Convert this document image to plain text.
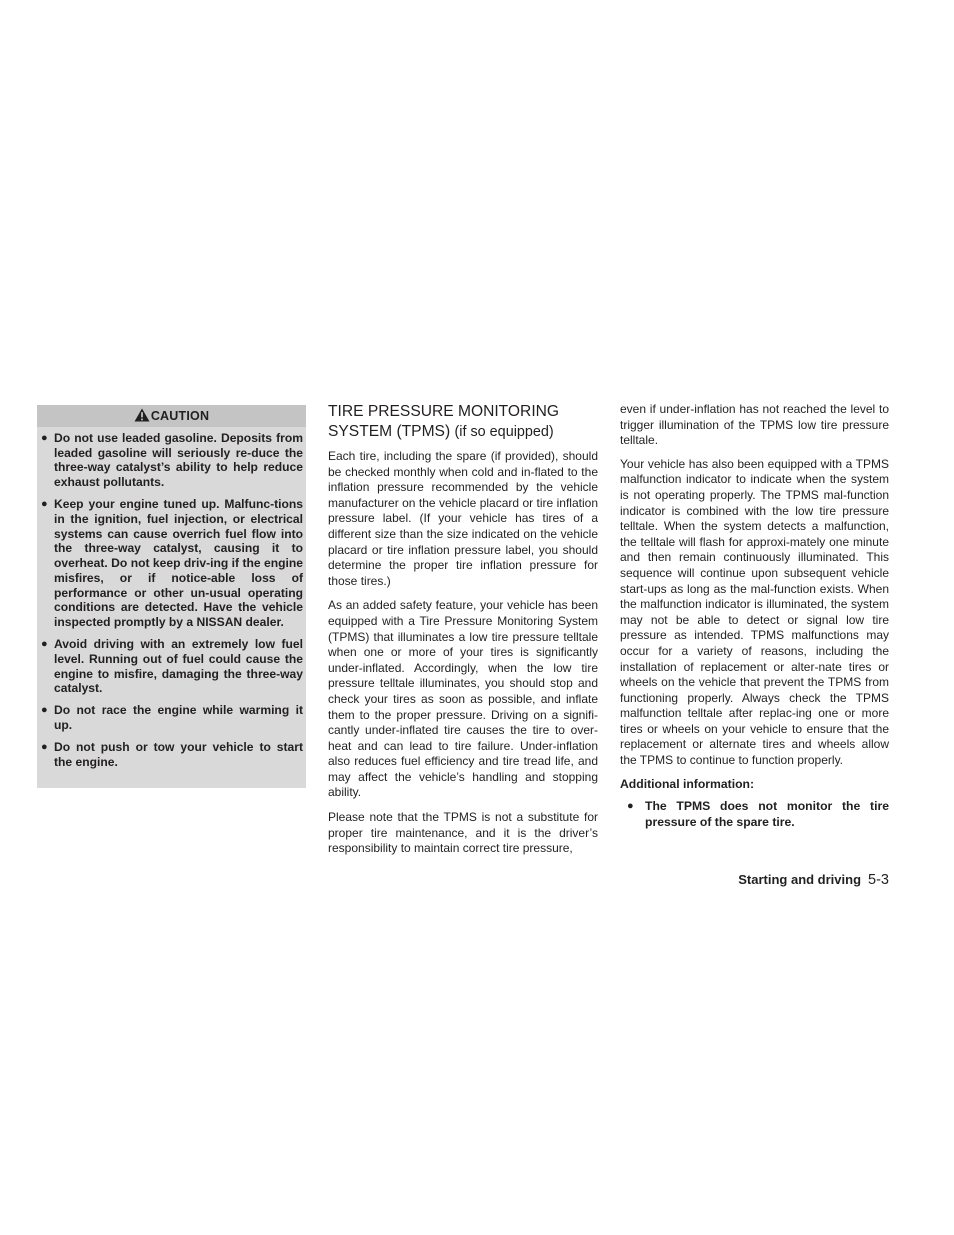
CAUTION
● Do not use leaded gasoline. Deposits from leaded gasoline will seriously re-duce the three-way catalyst’s ability to help reduce exhaust pollutants.
● Keep your engine tuned up. Malfunc-tions in the ignition, fuel injection, or electrical systems can cause overrich fuel flow into the three-way catalyst, causing it to overheat. Do not keep driv-ing if the engine misfires, or if notice-able loss of performance or other un-usual operating conditions are detected. Have the vehicle inspected promptly by a NISSAN dealer.
● Avoid driving with an extremely low fuel level. Running out of fuel could cause the engine to misfire, damaging the three-way catalyst.
● Do not race the engine while warming it up.
● Do not push or tow your vehicle to start the engine.
TIRE PRESSURE MONITORING
SYSTEM (TPMS) (if so equipped)

Each tire, including the spare (if provided), should be checked monthly when cold and in-flated to the inflation pressure recommended by the vehicle manufacturer on the vehicle placard or tire inflation pressure label. (If your vehicle has tires of a different size than the size indicated on the vehicle placard or tire inflation pressure label, you should determine the proper tire inflation pressure for those tires.)

As an added safety feature, your vehicle has been equipped with a Tire Pressure Monitoring System (TPMS) that illuminates a low tire pressure telltale when one or more of your tires is significantly under-inflated. Accordingly, when the low tire pressure telltale illuminates, you should stop and check your tires as soon as possible, and inflate them to the proper pressure. Driving on a signifi-cantly under-inflated tire causes the tire to over-heat and can lead to tire failure. Under-inflation also reduces fuel efficiency and tire tread life, and may affect the vehicle’s handling and stopping ability.

Please note that the TPMS is not a substitute for proper tire maintenance, and it is the driver’s responsibility to maintain correct tire pressure,

even if under-inflation has not reached the level to trigger illumination of the TPMS low tire pressure telltale.

Your vehicle has also been equipped with a TPMS malfunction indicator to indicate when the system is not operating properly. The TPMS mal-function indicator is combined with the low tire pressure telltale. When the system detects a malfunction, the telltale will flash for approxi-mately one minute and then remain continuously illuminated. This sequence will continue upon subsequent vehicle start-ups as long as the mal-function exists. When the malfunction indicator is illuminated, the system may not be able to detect or signal low tire pressure as intended. TPMS malfunctions may occur for a variety of reasons, including the installation of replacement or alter-nate tires or wheels on the vehicle that prevent the TPMS from functioning properly. Always check the TPMS malfunction telltale after replac-ing one or more tires or wheels on your vehicle to ensure that the replacement or alternate tires and wheels allow the TPMS to continue to function properly.

Additional information:
● The TPMS does not monitor the tire pressure of the spare tire.
Starting and driving 5-3
